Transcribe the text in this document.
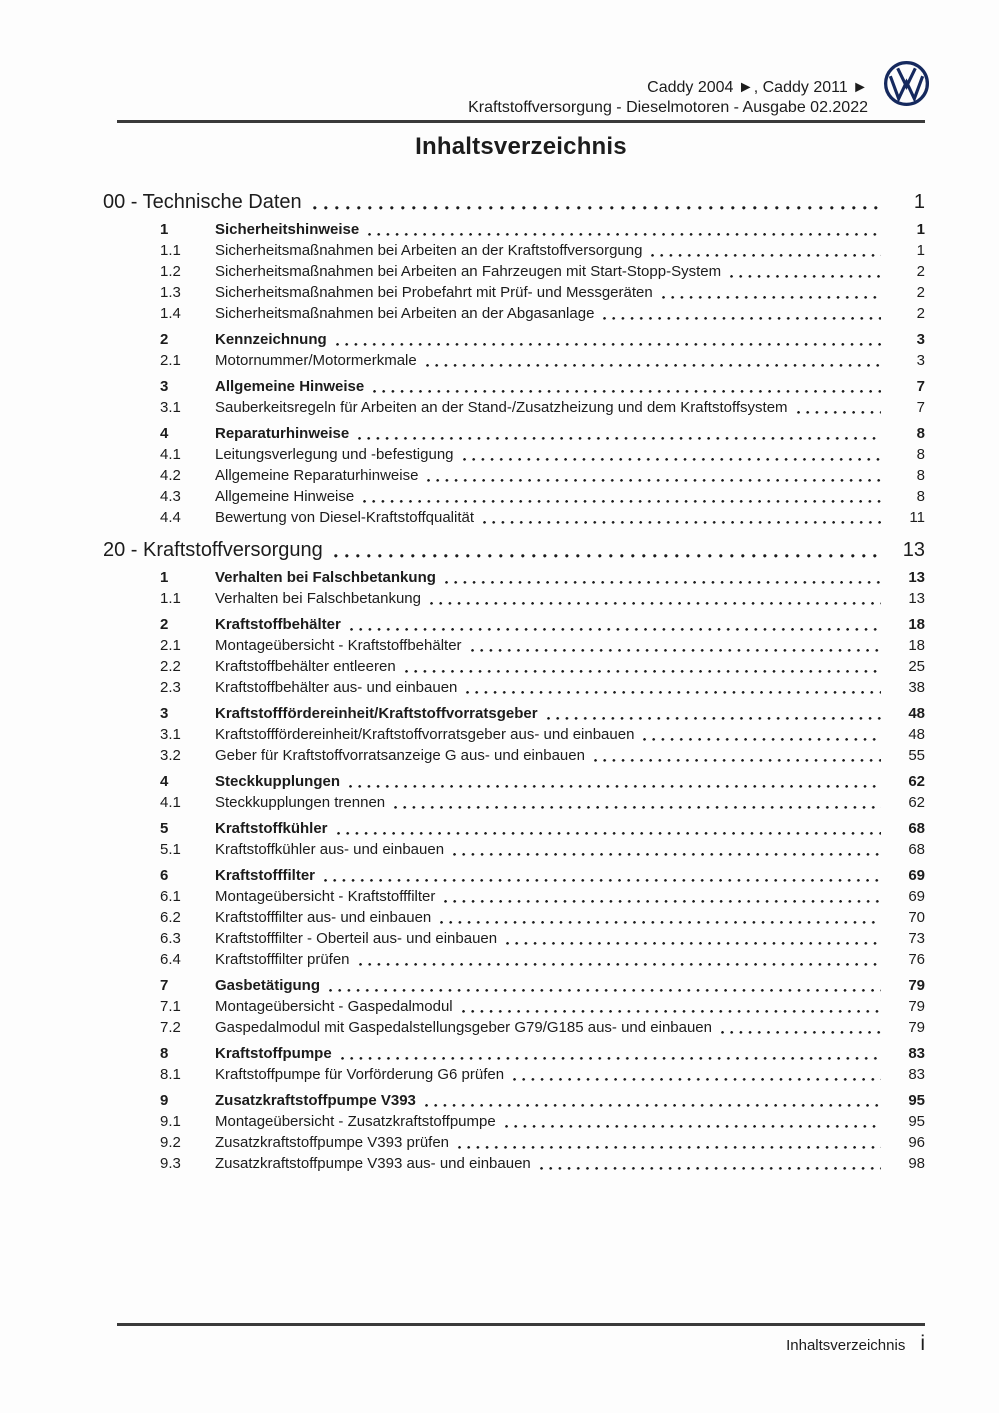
Caddy 2004 ►, Caddy 2011 ►
Kraftstoffversorgung - Dieselmotoren - Ausgabe 02.2022
Inhaltsverzeichnis
00 - Technische Daten	1
1	Sicherheitshinweise	1
1.1	Sicherheitsmaßnahmen bei Arbeiten an der Kraftstoffversorgung	1
1.2	Sicherheitsmaßnahmen bei Arbeiten an Fahrzeugen mit Start-Stopp-System	2
1.3	Sicherheitsmaßnahmen bei Probefahrt mit Prüf- und Messgeräten	2
1.4	Sicherheitsmaßnahmen bei Arbeiten an der Abgasanlage	2
2	Kennzeichnung	3
2.1	Motornummer/Motormerkmale	3
3	Allgemeine Hinweise	7
3.1	Sauberkeitsregeln für Arbeiten an der Stand-/Zusatzheizung und dem Kraftstoffsystem	7
4	Reparaturhinweise	8
4.1	Leitungsverlegung und -befestigung	8
4.2	Allgemeine Reparaturhinweise	8
4.3	Allgemeine Hinweise	8
4.4	Bewertung von Diesel-Kraftstoffqualität	11
20 - Kraftstoffversorgung	13
1	Verhalten bei Falschbetankung	13
1.1	Verhalten bei Falschbetankung	13
2	Kraftstoffbehälter	18
2.1	Montageübersicht - Kraftstoffbehälter	18
2.2	Kraftstoffbehälter entleeren	25
2.3	Kraftstoffbehälter aus- und einbauen	38
3	Kraftstofffördereinheit/Kraftstoffvorratsgeber	48
3.1	Kraftstofffördereinheit/Kraftstoffvorratsgeber aus- und einbauen	48
3.2	Geber für Kraftstoffvorratsanzeige G aus- und einbauen	55
4	Steckkupplungen	62
4.1	Steckkupplungen trennen	62
5	Kraftstoffkühler	68
5.1	Kraftstoffkühler aus- und einbauen	68
6	Kraftstofffilter	69
6.1	Montageübersicht - Kraftstofffilter	69
6.2	Kraftstofffilter aus- und einbauen	70
6.3	Kraftstofffilter - Oberteil aus- und einbauen	73
6.4	Kraftstofffilter prüfen	76
7	Gasbetätigung	79
7.1	Montageübersicht - Gaspedalmodul	79
7.2	Gaspedalmodul mit Gaspedalstellungsgeber G79/G185 aus- und einbauen	79
8	Kraftstoffpumpe	83
8.1	Kraftstoffpumpe für Vorförderung G6 prüfen	83
9	Zusatzkraftstoffpumpe V393	95
9.1	Montageübersicht - Zusatzkraftstoffpumpe	95
9.2	Zusatzkraftstoffpumpe V393 prüfen	96
9.3	Zusatzkraftstoffpumpe V393 aus- und einbauen	98
Inhaltsverzeichnis i
